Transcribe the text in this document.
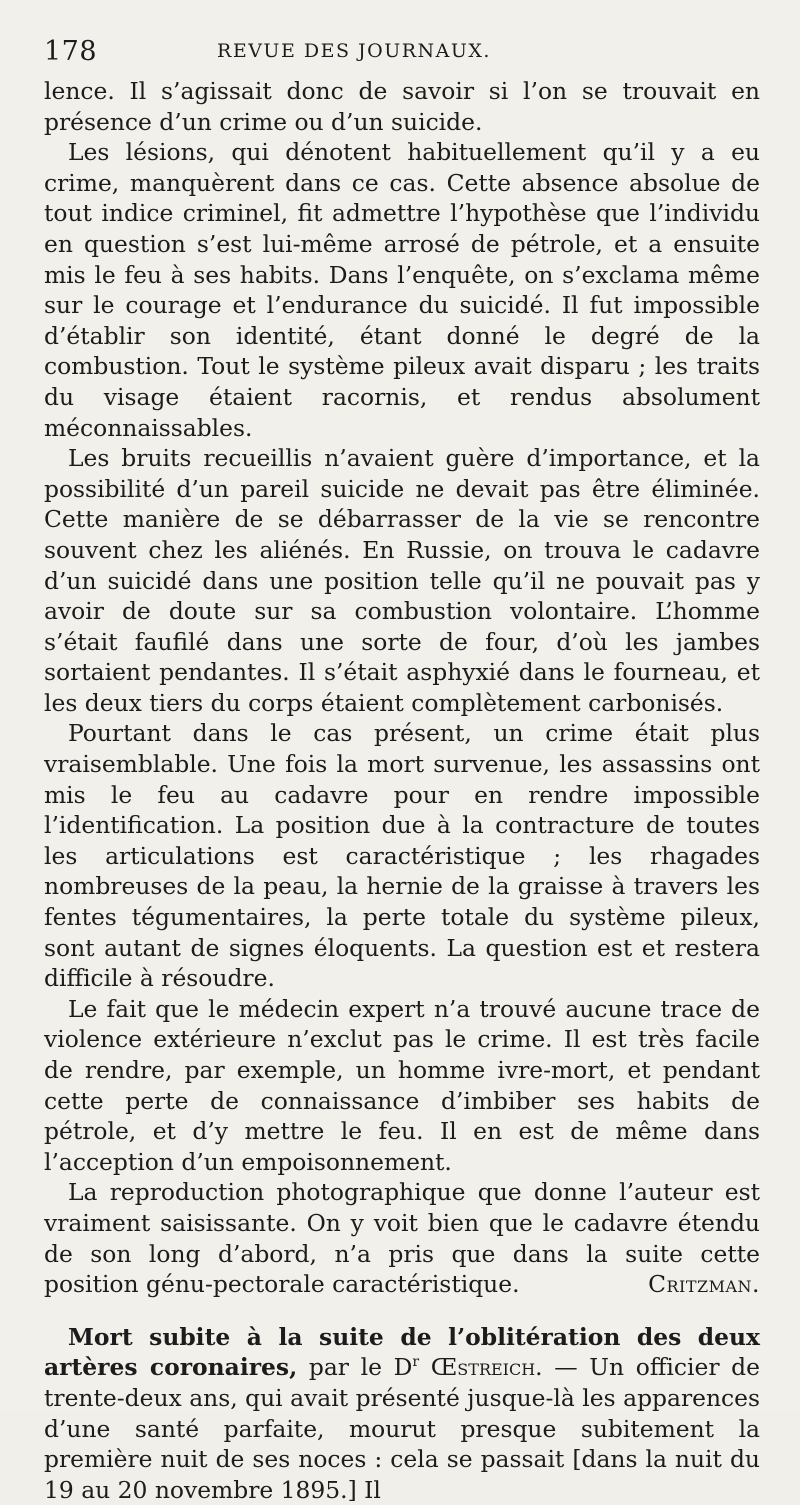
178	REVUE DES JOURNAUX.

lence. Il s’agissait donc de savoir si l’on se trouvait en présence d’un crime ou d’un suicide.

Les lésions, qui dénotent habituellement qu’il y a eu crime, manquèrent dans ce cas. Cette absence absolue de tout indice criminel, fit admettre l’hypothèse que l’individu en question s’est lui-même arrosé de pétrole, et a ensuite mis le feu à ses habits. Dans l’enquête, on s’exclama même sur le courage et l’endurance du suicidé. Il fut impossible d’établir son identité, étant donné le degré de la combustion. Tout le système pileux avait disparu ; les traits du visage étaient racornis, et rendus absolument méconnaissables.

Les bruits recueillis n’avaient guère d’importance, et la possibilité d’un pareil suicide ne devait pas être éliminée. Cette manière de se débarrasser de la vie se rencontre souvent chez les aliénés. En Russie, on trouva le cadavre d’un suicidé dans une position telle qu’il ne pouvait pas y avoir de doute sur sa combustion volontaire. L’homme s’était faufilé dans une sorte de four, d’où les jambes sortaient pendantes. Il s’était asphyxié dans le fourneau, et les deux tiers du corps étaient complètement carbonisés.

Pourtant dans le cas présent, un crime était plus vraisemblable. Une fois la mort survenue, les assassins ont mis le feu au cadavre pour en rendre impossible l’identification. La position due à la contracture de toutes les articulations est caractéristique ; les rhagades nombreuses de la peau, la hernie de la graisse à travers les fentes tégumentaires, la perte totale du système pileux, sont autant de signes éloquents. La question est et restera difficile à résoudre.

Le fait que le médecin expert n’a trouvé aucune trace de violence extérieure n’exclut pas le crime. Il est très facile de rendre, par exemple, un homme ivre-mort, et pendant cette perte de connaissance d’imbiber ses habits de pétrole, et d’y mettre le feu. Il en est de même dans l’acception d’un empoisonnement.

La reproduction photographique que donne l’auteur est vraiment saisissante. On y voit bien que le cadavre étendu de son long d’abord, n’a pris que dans la suite cette position génu-pectorale caractéristique.	Critzman.

Mort subite à la suite de l’oblitération des deux artères coronaires, par le $D^r$ Œstreich. — Un officier de trente-deux ans, qui avait présenté jusque-là les apparences d’une santé parfaite, mourut presque subitement la première nuit de ses noces : cela se passait [dans la nuit du 19 au 20 novembre 1895.] Il
